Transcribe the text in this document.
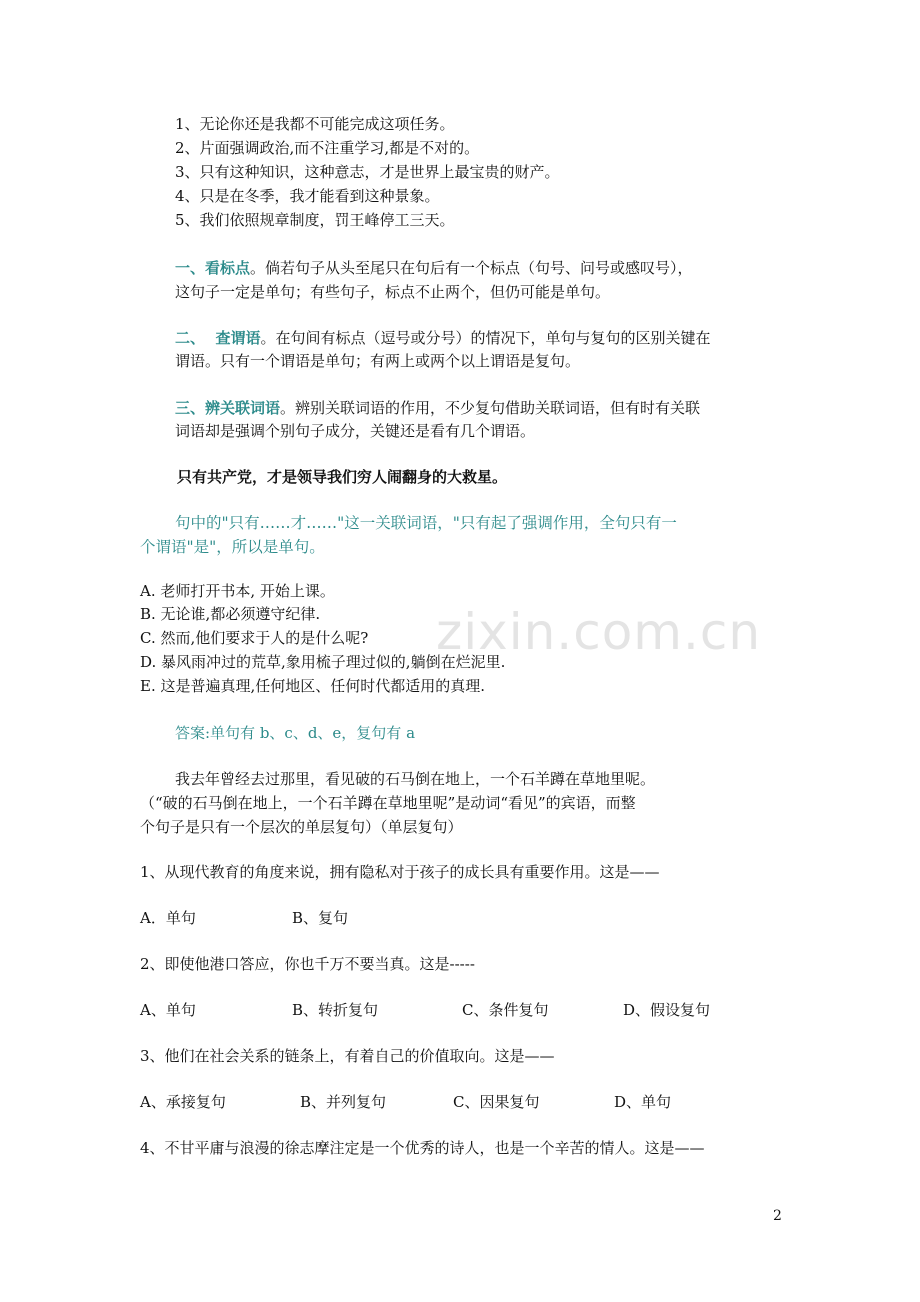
zixin.com.cn
1、无论你还是我都不可能完成这项任务。
2、片面强调政治,而不注重学习,都是不对的。
3、只有这种知识，这种意志，才是世界上最宝贵的财产。
4、只是在冬季，我才能看到这种景象。
5、我们依照规章制度，罚王峰停工三天。
一、看标点。倘若句子从头至尾只在句后有一个标点（句号、问号或感叹号），
这句子一定是单句；有些句子，标点不止两个，但仍可能是单句。
二、  查谓语。在句间有标点（逗号或分号）的情况下，单句与复句的区别关键在
谓语。只有一个谓语是单句；有两上或两个以上谓语是复句。
三、辨关联词语。辨别关联词语的作用，不少复句借助关联词语，但有时有关联
词语却是强调个别句子成分，关键还是看有几个谓语。
只有共产党，才是领导我们穷人闹翻身的大救星。
句中的"只有……才……"这一关联词语，"只有起了强调作用，全句只有一
个谓语"是"，所以是单句。
A. 老师打开书本, 开始上课。
B. 无论谁,都必须遵守纪律.
C. 然而,他们要求于人的是什么呢?
D. 暴风雨冲过的荒草,象用梳子理过似的,躺倒在烂泥里.
E. 这是普遍真理,任何地区、任何时代都适用的真理.
答案:单句有 b、c、d、e，复句有 a
我去年曾经去过那里，看见破的石马倒在地上，一个石羊蹲在草地里呢。
（“破的石马倒在地上，一个石羊蹲在草地里呢”是动词“看见”的宾语，而整
个句子是只有一个层次的单层复句）（单层复句）
1、从现代教育的角度来说，拥有隐私对于孩子的成长具有重要作用。这是——
A．单句	B、复句
2、即使他港口答应，你也千万不要当真。这是-----
A、单句	B、转折复句	C、条件复句	D、假设复句
3、他们在社会关系的链条上，有着自己的价值取向。这是——
A、承接复句	B、并列复句	C、因果复句	D、单句
4、不甘平庸与浪漫的徐志摩注定是一个优秀的诗人，也是一个辛苦的情人。这是——
2
